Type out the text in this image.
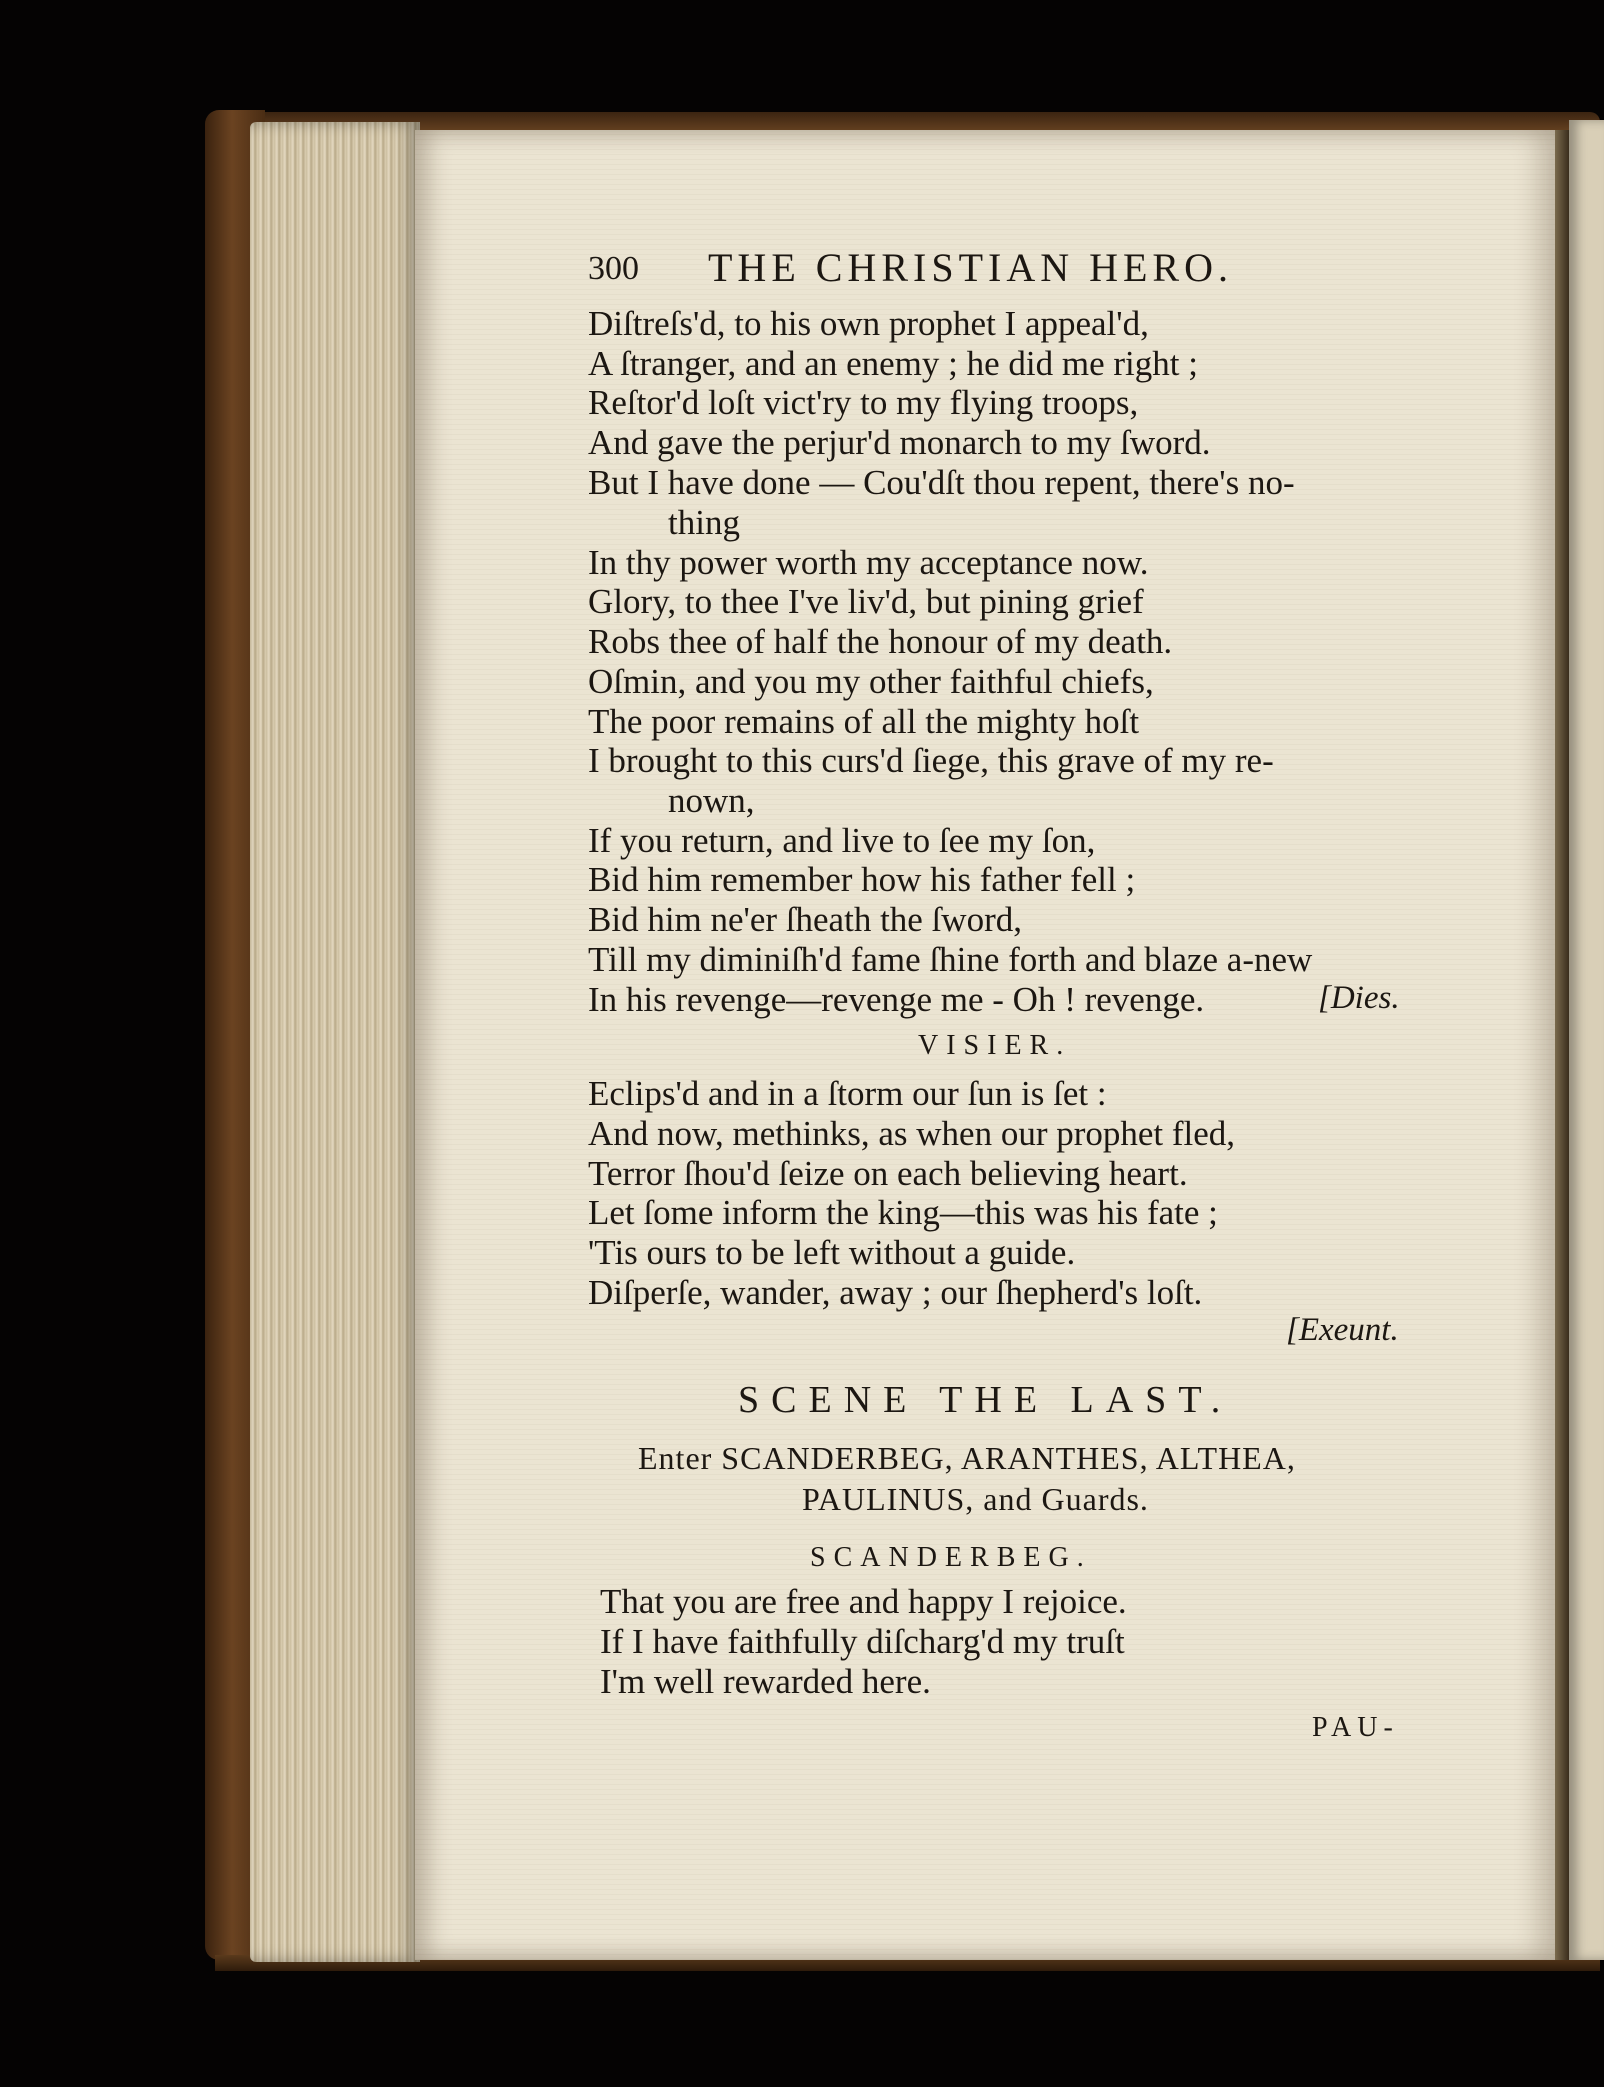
300 THE CHRISTIAN HERO.
Diſtreſs'd, to his own prophet I appeal'd,
A ſtranger, and an enemy ; he did me right ;
Reſtor'd loſt vict'ry to my flying troops,
And gave the perjur'd monarch to my ſword.
But I have done — Cou'dſt thou repent, there's no-
thing
In thy power worth my acceptance now.
Glory, to thee I've liv'd, but pining grief
Robs thee of half the honour of my death.
Oſmin, and you my other faithful chiefs,
The poor remains of all the mighty hoſt
I brought to this curs'd ſiege, this grave of my re-
nown,
If you return, and live to ſee my ſon,
Bid him remember how his father fell ;
Bid him ne'er ſheath the ſword,
Till my diminiſh'd fame ſhine forth and blaze a-new
In his revenge—revenge me - Oh ! revenge.	[Dies.
VISIER.
Eclips'd and in a ſtorm our ſun is ſet :
And now, methinks, as when our prophet fled,
Terror ſhou'd ſeize on each believing heart.
Let ſome inform the king—this was his fate ;
'Tis ours to be left without a guide.
Diſperſe, wander, away ; our ſhepherd's loſt.
[Exeunt.
SCENE THE LAST.
Enter SCANDERBEG, ARANTHES, ALTHEA,
PAULINUS, and Guards.
SCANDERBEG.
That you are free and happy I rejoice.
If I have faithfully diſcharg'd my truſt
I'm well rewarded here.
PAU-
